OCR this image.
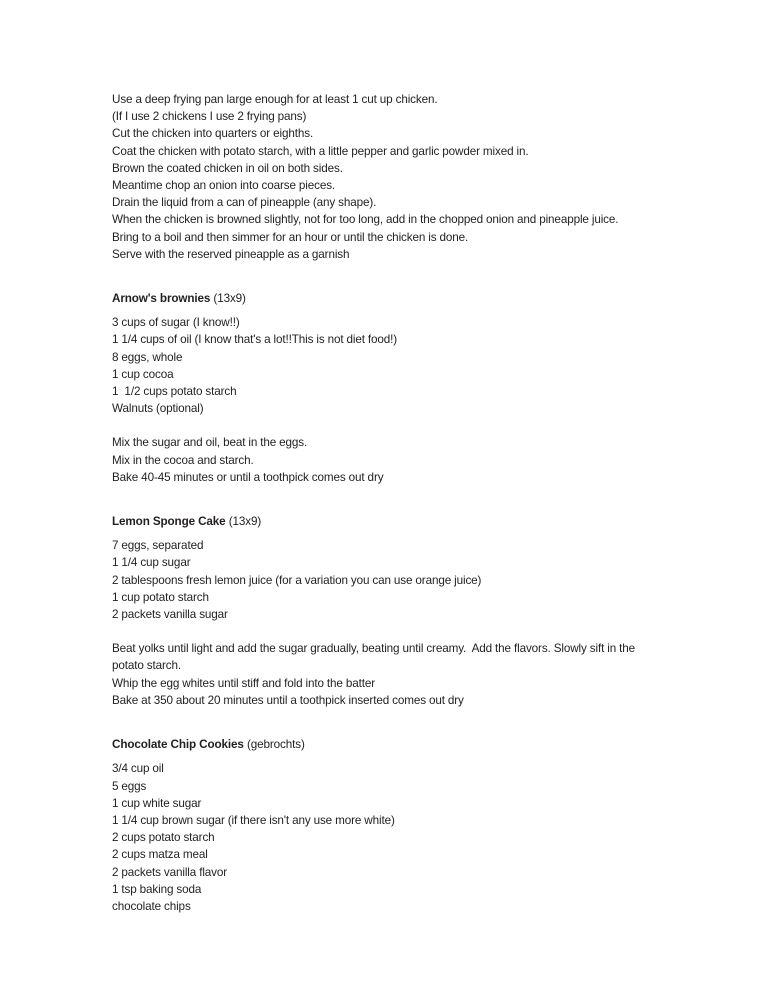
Use a deep frying pan large enough for at least 1 cut up chicken.
(If I use 2 chickens I use 2 frying pans)
Cut the chicken into quarters or eighths.
Coat the chicken with potato starch, with a little pepper and garlic powder mixed in.
Brown the coated chicken in oil on both sides.
Meantime chop an onion into coarse pieces.
Drain the liquid from a can of pineapple (any shape).
When the chicken is browned slightly, not for too long, add in the chopped onion and pineapple juice.
Bring to a boil and then simmer for an hour or until the chicken is done.
Serve with the reserved pineapple as a garnish
Arnow's brownies (13x9)
3 cups of sugar (I know!!)
1 1/4 cups of oil (I know that's a lot!!This is not diet food!)
8 eggs, whole
1 cup cocoa
1  1/2 cups potato starch
Walnuts (optional)
Mix the sugar and oil, beat in the eggs.
Mix in the cocoa and starch.
Bake 40-45 minutes or until a toothpick comes out dry
Lemon Sponge Cake (13x9)
7 eggs, separated
1 1/4 cup sugar
2 tablespoons fresh lemon juice (for a variation you can use orange juice)
1 cup potato starch
2 packets vanilla sugar
Beat yolks until light and add the sugar gradually, beating until creamy.  Add the flavors. Slowly sift in the potato starch.
Whip the egg whites until stiff and fold into the batter
Bake at 350 about 20 minutes until a toothpick inserted comes out dry
Chocolate Chip Cookies (gebrochts)
3/4 cup oil
5 eggs
1 cup white sugar
1 1/4 cup brown sugar (if there isn't any use more white)
2 cups potato starch
2 cups matza meal
2 packets vanilla flavor
1 tsp baking soda
chocolate chips
